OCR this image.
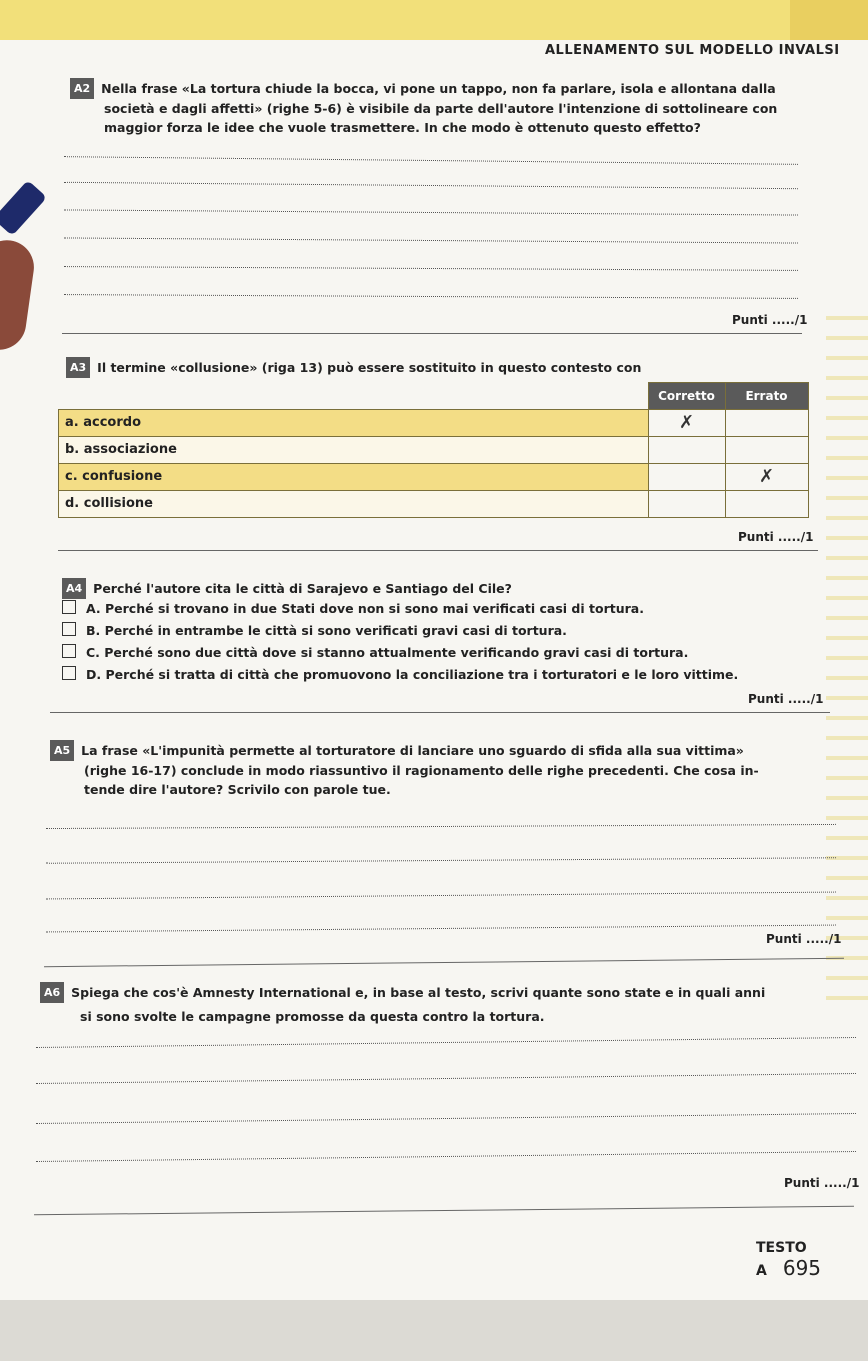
ALLENAMENTO SUL MODELLO INVALSI
A2 Nella frase «La tortura chiude la bocca, vi pone un tappo, non fa parlare, isola e allontana dalla
società e dagli affetti» (righe 5-6) è visibile da parte dell'autore l'intenzione di sottolineare con
maggior forza le idee che vuole trasmettere. In che modo è ottenuto questo effetto?
Punti ...../1
A3 Il termine «collusione» (riga 13) può essere sostituito in questo contesto con
	Corretto	Errato
a. accordo	✗	
b. associazione		
c. confusione		✗
d. collisione		
Punti ...../1
A4 Perché l'autore cita le città di Sarajevo e Santiago del Cile?
A. Perché si trovano in due Stati dove non si sono mai verificati casi di tortura.
B. Perché in entrambe le città si sono verificati gravi casi di tortura.
C. Perché sono due città dove si stanno attualmente verificando gravi casi di tortura.
D. Perché si tratta di città che promuovono la conciliazione tra i torturatori e le loro vittime.
Punti ...../1
A5 La frase «L'impunità permette al torturatore di lanciare uno sguardo di sfida alla sua vittima»
(righe 16-17) conclude in modo riassuntivo il ragionamento delle righe precedenti. Che cosa in-
tende dire l'autore? Scrivilo con parole tue.
Punti ...../1
A6 Spiega che cos'è Amnesty International e, in base al testo, scrivi quante sono state e in quali anni
si sono svolte le campagne promosse da questa contro la tortura.
Punti ...../1
TESTO A 695
